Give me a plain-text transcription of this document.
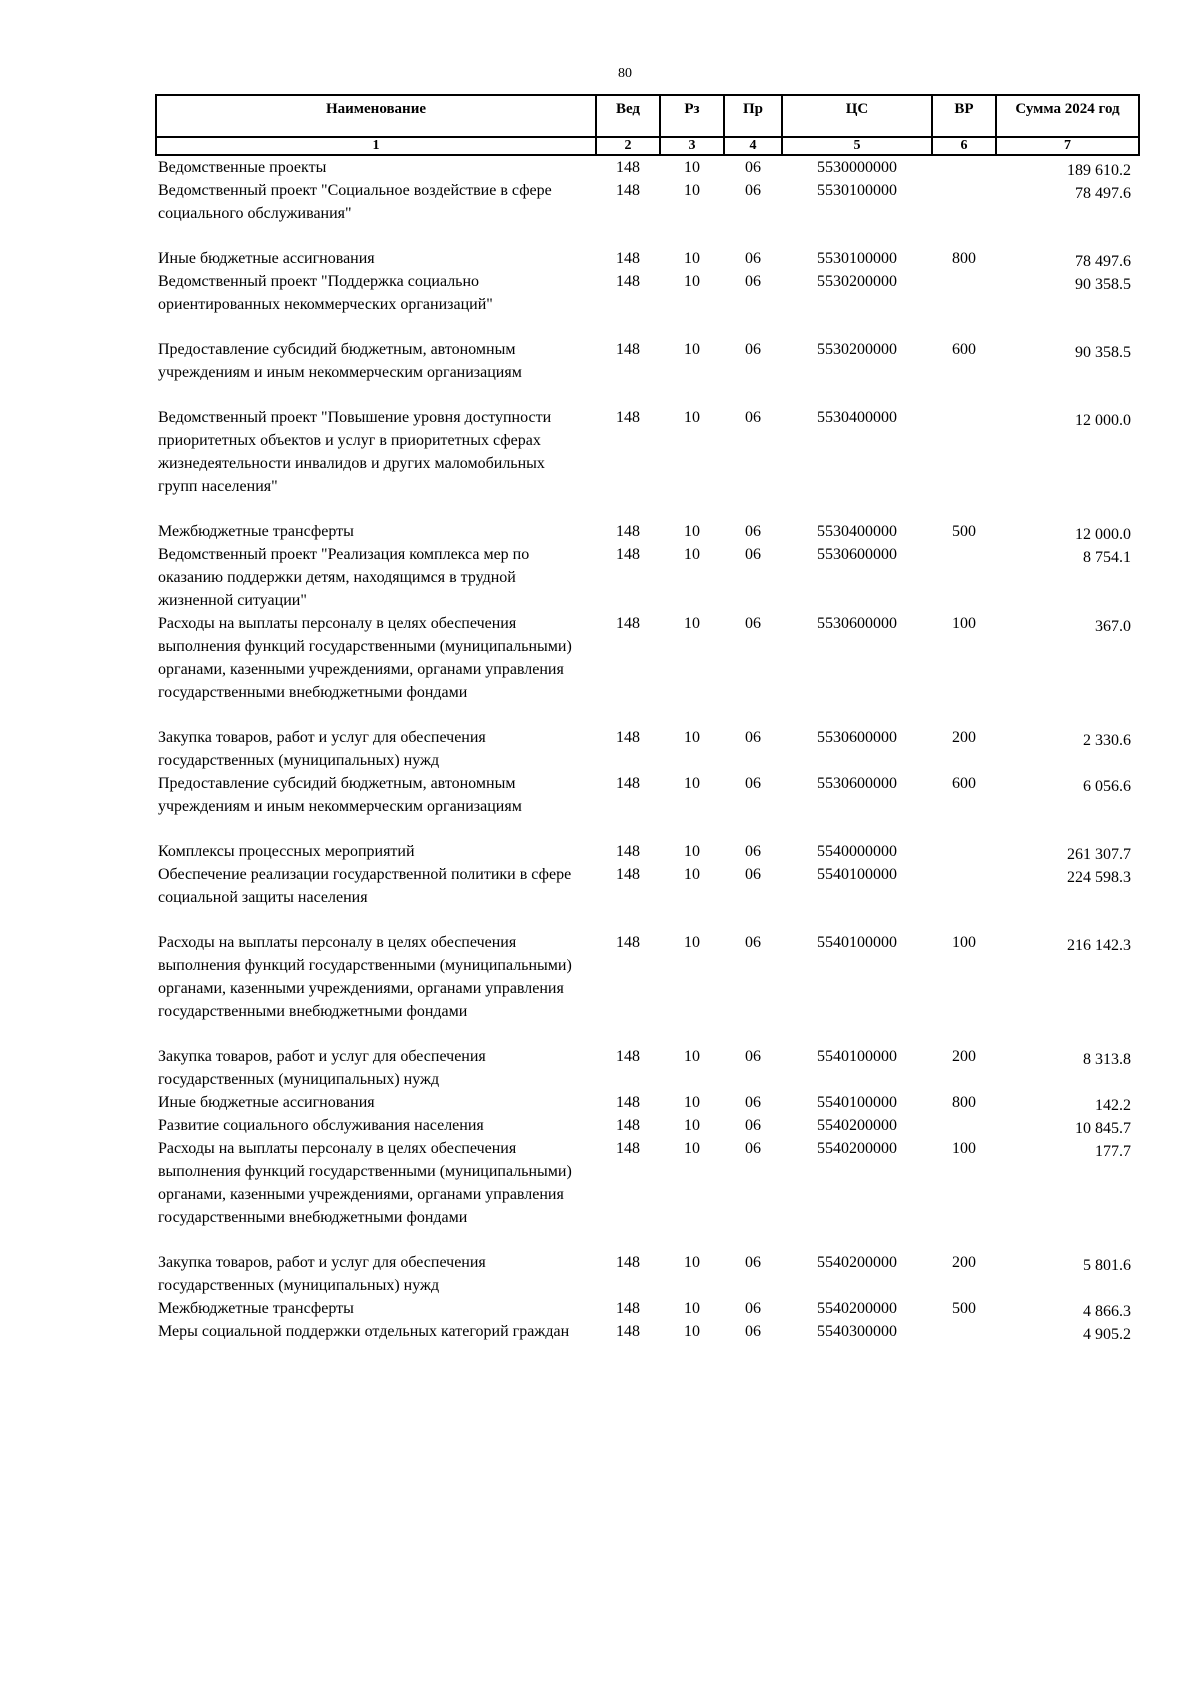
80
Наименование	Вед	Рз	Пр	ЦС	ВР	Сумма 2024 год
1	2	3	4	5	6	7
Ведомственные проекты	148	10	06	5530000000		189 610.2
Ведомственный проект "Социальное воздействие в сфере социального обслуживания"	148	10	06	5530100000		78 497.6
Иные бюджетные ассигнования	148	10	06	5530100000	800	78 497.6
Ведомственный проект "Поддержка социально ориентированных некоммерческих организаций"	148	10	06	5530200000		90 358.5
Предоставление субсидий бюджетным, автономным учреждениям и иным некоммерческим организациям	148	10	06	5530200000	600	90 358.5
Ведомственный проект "Повышение уровня доступности приоритетных объектов и услуг в приоритетных сферах жизнедеятельности инвалидов и других маломобильных групп населения"	148	10	06	5530400000		12 000.0
Межбюджетные трансферты	148	10	06	5530400000	500	12 000.0
Ведомственный проект "Реализация комплекса мер по оказанию поддержки детям, находящимся в трудной жизненной ситуации"	148	10	06	5530600000		8 754.1
Расходы на выплаты персоналу в целях обеспечения выполнения функций государственными (муниципальными) органами, казенными учреждениями, органами управления государственными внебюджетными фондами	148	10	06	5530600000	100	367.0
Закупка товаров, работ и услуг для обеспечения государственных (муниципальных) нужд	148	10	06	5530600000	200	2 330.6
Предоставление субсидий бюджетным, автономным учреждениям и иным некоммерческим организациям	148	10	06	5530600000	600	6 056.6
Комплексы процессных мероприятий	148	10	06	5540000000		261 307.7
Обеспечение реализации государственной политики в сфере социальной защиты населения	148	10	06	5540100000		224 598.3
Расходы на выплаты персоналу в целях обеспечения выполнения функций государственными (муниципальными) органами, казенными учреждениями, органами управления государственными внебюджетными фондами	148	10	06	5540100000	100	216 142.3
Закупка товаров, работ и услуг для обеспечения государственных (муниципальных) нужд	148	10	06	5540100000	200	8 313.8
Иные бюджетные ассигнования	148	10	06	5540100000	800	142.2
Развитие социального обслуживания населения	148	10	06	5540200000		10 845.7
Расходы на выплаты персоналу в целях обеспечения выполнения функций государственными (муниципальными) органами, казенными учреждениями, органами управления государственными внебюджетными фондами	148	10	06	5540200000	100	177.7
Закупка товаров, работ и услуг для обеспечения государственных (муниципальных) нужд	148	10	06	5540200000	200	5 801.6
Межбюджетные трансферты	148	10	06	5540200000	500	4 866.3
Меры социальной поддержки отдельных категорий граждан	148	10	06	5540300000		4 905.2
